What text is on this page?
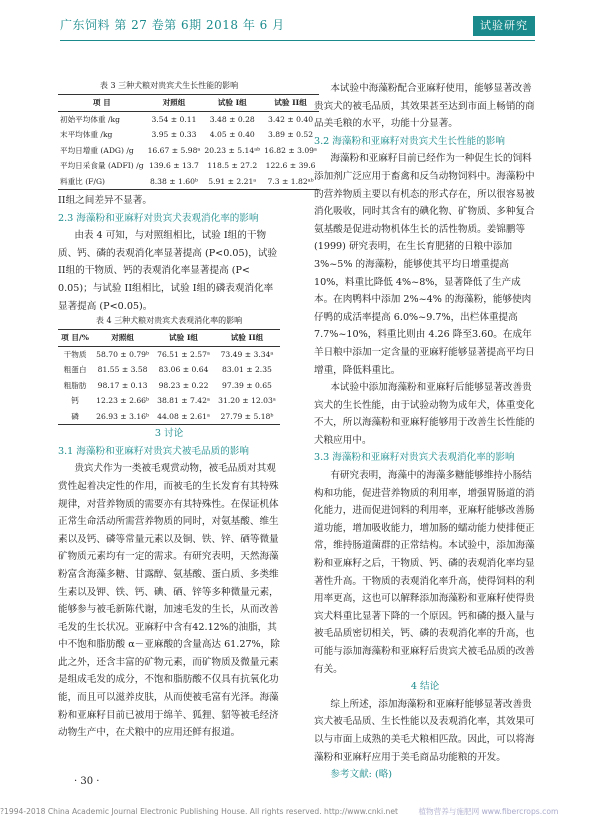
广东饲料 第 27 卷第 6期 2018 年 6 月	试验研究

表 3 三种犬粮对贵宾犬生长性能的影响

项 目	对照组	试验 I组	试验 II组
初始平均体重 /kg	3.54 ± 0.11	3.48 ± 0.28	3.42 ± 0.40
末平均体重 /kg	3.95 ± 0.33	4.05 ± 0.40	3.89 ± 0.52
平均日增重 (ADG) /g	16.67 ± 5.98ᵃ	20.23 ± 5.14ᵃᵇ	16.82 ± 3.09ᵃ
平均日采食量 (ADFI) /g	139.6 ± 13.7	118.5 ± 27.2	122.6 ± 39.6
料重比 (F/G)	8.38 ± 1.60ᵇ	5.91 ± 2.21ᵃ	7.3 ± 1.82ᵃᵇ

II组之间差异不显著。

2.3 海藻粉和亚麻籽对贵宾犬表观消化率的影响

由表 4 可知，与对照组相比，试验 I组的干物质、钙、磷的表观消化率显著提高 (P<0.05)，试验 II组的干物质、钙的表观消化率显著提高 (P< 0.05)；与试验 II组相比，试验 I组的磷表观消化率显著提高 (P<0.05)。

表 4 三种犬粮对贵宾犬表观消化率的影响

项 目/%	对照组	试验 I组	试验 II组
干物质	58.70 ± 0.79ᵇ	76.51 ± 2.57ᵃ	73.49 ± 3.34ᵃ
粗蛋白	81.55 ± 3.58	83.06 ± 0.64	83.01 ± 2.35
粗脂肪	98.17 ± 0.13	98.23 ± 0.22	97.39 ± 0.65
钙	12.23 ± 2.66ᵇ	38.81 ± 7.42ᵃ	31.20 ± 12.03ᵃ
磷	26.93 ± 3.16ᵇ	44.08 ± 2.61ᵃ	27.79 ± 5.18ᵇ

3 讨论

3.1 海藻粉和亚麻籽对贵宾犬被毛品质的影响

贵宾犬作为一类被毛观赏动物，被毛品质对其观赏性起着决定性的作用，而被毛的生长发育有其特殊规律，对营养物质的需要亦有其特殊性。在保证机体正常生命活动所需营养物质的同时，对氨基酸、维生素以及钙、磷等常量元素以及铜、铁、锌、硒等微量矿物质元素均有一定的需求。有研究表明，天然海藻粉富含海藻多糖、甘露醇、氨基酸、蛋白质、多类维生素以及钾、铁、钙、碘、硒、锌等多种微量元素，能够参与被毛新陈代谢，加速毛发的生长，从而改善毛发的生长状况。亚麻籽中含有42.12%的油脂，其中不饱和脂肪酸 α－亚麻酸的含量高达 61.27%，除此之外，还含丰富的矿物元素，而矿物质及微量元素是组成毛发的成分，不饱和脂肪酸不仅具有抗氧化功能，而且可以滋养皮肤，从而使被毛富有光泽。海藻粉和亚麻籽目前已被用于绵羊、狐狸、貂等被毛经济动物生产中，在犬粮中的应用还鲜有报道。

本试验中海藻粉配合亚麻籽使用，能够显著改善贵宾犬的被毛品质，其效果甚至达到市面上畅销的商品美毛粮的水平，功能十分显著。

3.2 海藻粉和亚麻籽对贵宾犬生长性能的影响

海藻粉和亚麻籽目前已经作为一种促生长的饲料添加剂广泛应用于畜禽和反刍动物饲料中。海藻粉中的营养物质主要以有机态的形式存在，所以很容易被消化吸收，同时其含有的碘化物、矿物质、多种复合氨基酸是促进动物机体生长的活性物质。姜锦鹏等(1999) 研究表明，在生长育肥猪的日粮中添加 3%~5% 的海藻粉，能够使其平均日增重提高 10%，料重比降低 4%~8%，显著降低了生产成本。在肉鸭料中添加 2%~4% 的海藻粉，能够使肉仔鸭的成活率提高 6.0%~9.7%，出栏体重提高 7.7%~10%，料重比则由 4.26 降至3.60。在成年羊日粮中添加一定含量的亚麻籽能够显著提高平均日增重，降低料重比。

本试验中添加海藻粉和亚麻籽后能够显著改善贵宾犬的生长性能，由于试验动物为成年犬，体重变化不大，所以海藻粉和亚麻籽能够用于改善生长性能的犬粮应用中。

3.3 海藻粉和亚麻籽对贵宾犬表观消化率的影响

有研究表明，海藻中的海藻多糖能够维持小肠结构和功能，促进营养物质的利用率，增强胃肠道的消化能力，进而促进饲料的利用率，亚麻籽能够改善肠道功能，增加吸收能力，增加肠的蠕动能力使排便正常，维持肠道菌群的正常结构。本试验中，添加海藻粉和亚麻籽之后，干物质、钙、磷的表观消化率均显著性升高。干物质的表观消化率升高，使得饲料的利用率更高，这也可以解释添加海藻粉和亚麻籽使得贵宾犬料重比显著下降的一个原因。钙和磷的摄入量与被毛品质密切相关，钙、磷的表观消化率的升高，也可能与添加海藻粉和亚麻籽后贵宾犬被毛品质的改善有关。

4 结论

综上所述，添加海藻粉和亚麻籽能够显著改善贵宾犬被毛品质、生长性能以及表观消化率，其效果可以与市面上成熟的美毛犬粮相匹敌。因此，可以将海藻粉和亚麻籽应用于美毛商品功能粮的开发。

参考文献: (略)

· 30 ·
?1994-2018 China Academic Journal Electronic Publishing House. All rights reserved. http://www.cnki.net	植物营养与施肥网 www.fibercrops.com
